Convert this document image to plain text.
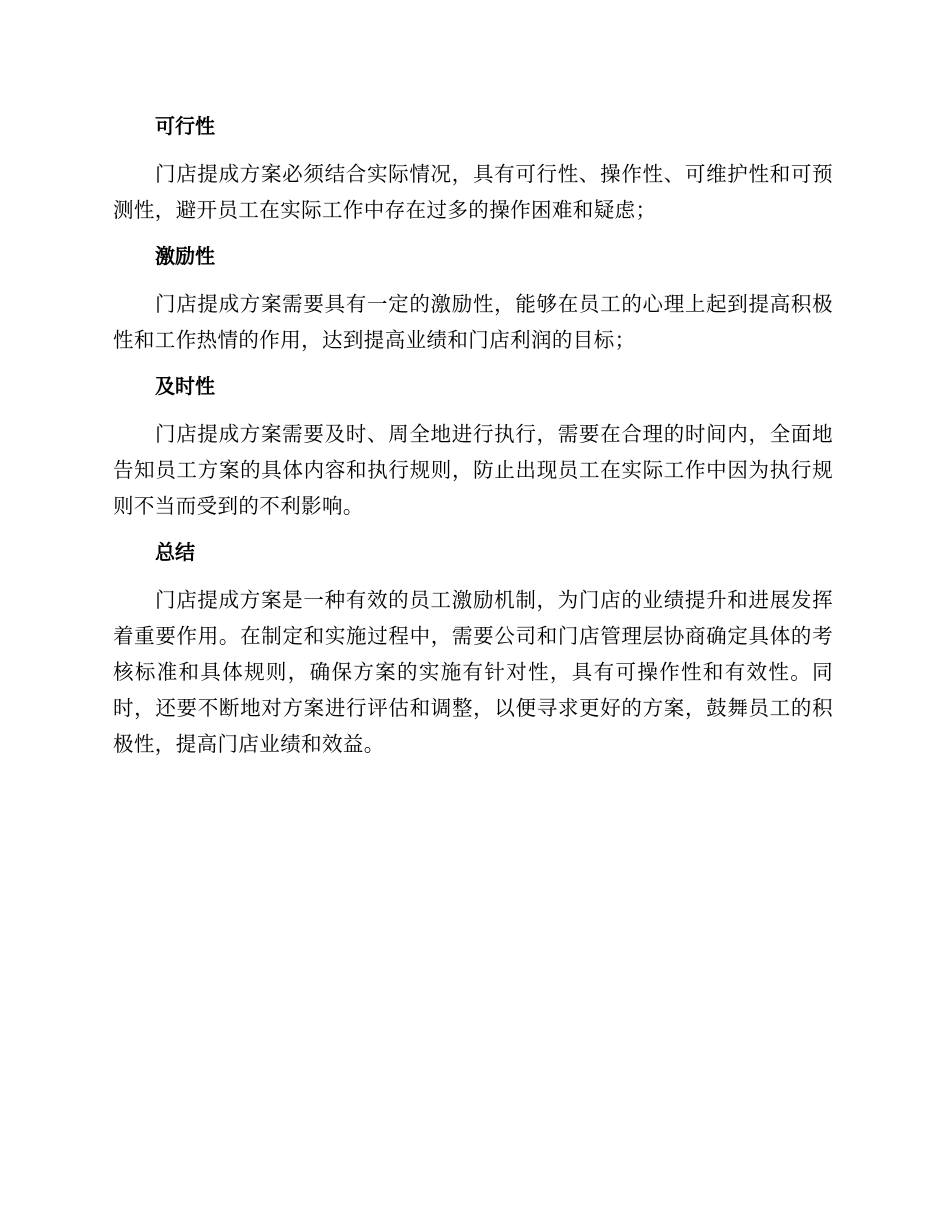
可行性

门店提成方案必须结合实际情况，具有可行性、操作性、可维护性和可预测性，避开员工在实际工作中存在过多的操作困难和疑虑；

激励性

门店提成方案需要具有一定的激励性，能够在员工的心理上起到提高积极性和工作热情的作用，达到提高业绩和门店利润的目标；

及时性

门店提成方案需要及时、周全地进行执行，需要在合理的时间内，全面地告知员工方案的具体内容和执行规则，防止出现员工在实际工作中因为执行规则不当而受到的不利影响。

总结

门店提成方案是一种有效的员工激励机制，为门店的业绩提升和进展发挥着重要作用。在制定和实施过程中，需要公司和门店管理层协商确定具体的考核标准和具体规则，确保方案的实施有针对性，具有可操作性和有效性。同时，还要不断地对方案进行评估和调整，以便寻求更好的方案，鼓舞员工的积极性，提高门店业绩和效益。
